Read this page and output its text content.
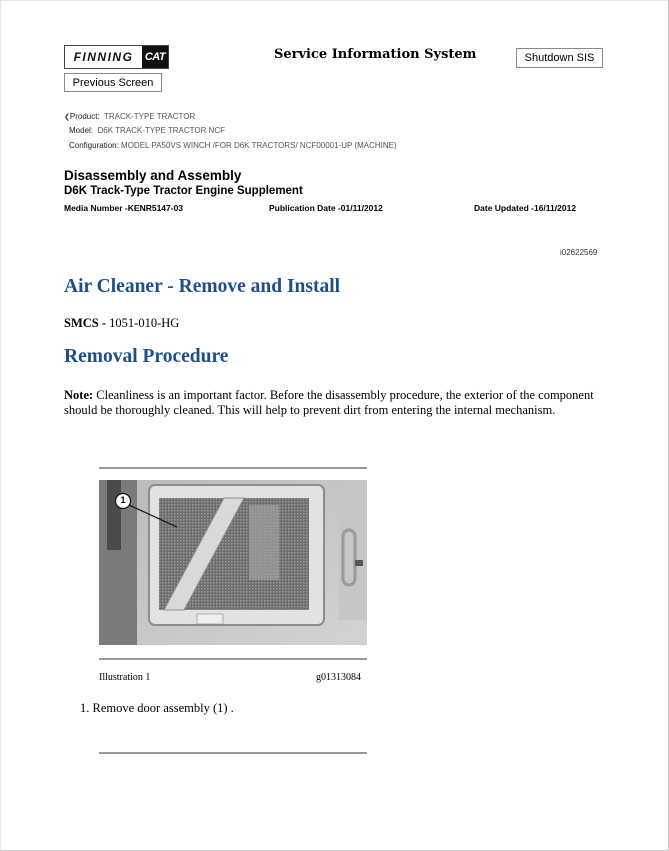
FINNING	CAT
Previous Screen
Service Information System	Shutdown SIS
❮Product: TRACK-TYPE TRACTOR
Model: D6K TRACK-TYPE TRACTOR NCF
Configuration: MODEL PA50VS WINCH /FOR D6K TRACTORS/ NCF00001-UP (MACHINE)
Disassembly and Assembly
D6K Track-Type Tractor Engine Supplement
Media Number -KENR5147-03	Publication Date -01/11/2012	Date Updated -16/11/2012
i02622569
Air Cleaner - Remove and Install
SMCS - 1051-010-HG
Removal Procedure
Note: Cleanliness is an important factor. Before the disassembly procedure, the exterior of the component should be thoroughly cleaned. This will help to prevent dirt from entering the internal mechanism.
1
Illustration 1	g01313084
1. Remove door assembly (1) .
